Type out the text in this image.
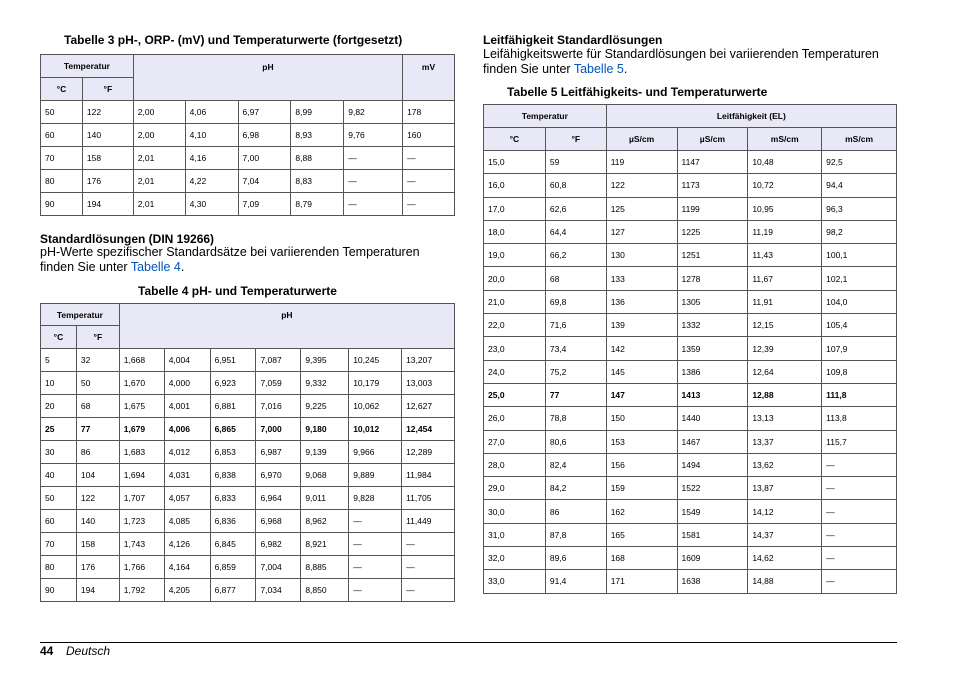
Tabelle 3 pH-, ORP- (mV) und Temperaturwerte (fortgesetzt)
Temperatur		pH					mV
°C	°F						
50	122	2,00	4,06	6,97	8,99	9,82	178
60	140	2,00	4,10	6,98	8,93	9,76	160
70	158	2,01	4,16	7,00	8,88	—	—
80	176	2,01	4,22	7,04	8,83	—	—
90	194	2,01	4,30	7,09	8,79	—	—
Standardlösungen (DIN 19266)
pH-Werte spezifischer Standardsätze bei variierenden Temperaturen
finden Sie unter Tabelle 4.
Tabelle 4 pH- und Temperaturwerte
Temperatur		pH						
°C	°F							
5	32	1,668	4,004	6,951	7,087	9,395	10,245	13,207
10	50	1,670	4,000	6,923	7,059	9,332	10,179	13,003
20	68	1,675	4,001	6,881	7,016	9,225	10,062	12,627
25	77	1,679	4,006	6,865	7,000	9,180	10,012	12,454
30	86	1,683	4,012	6,853	6,987	9,139	9,966	12,289
40	104	1,694	4,031	6,838	6,970	9,068	9,889	11,984
50	122	1,707	4,057	6,833	6,964	9,011	9,828	11,705
60	140	1,723	4,085	6,836	6,968	8,962	—	11,449
70	158	1,743	4,126	6,845	6,982	8,921	—	—
80	176	1,766	4,164	6,859	7,004	8,885	—	—
90	194	1,792	4,205	6,877	7,034	8,850	—	—
Leitfähigkeit Standardlösungen
Leifähigkeitswerte für Standardlösungen bei variierenden Temperaturen
finden Sie unter Tabelle 5.
Tabelle 5 Leitfähigkeits- und Temperaturwerte
Temperatur		Leitfähigkeit (EL)			
°C	°F	µS/cm	µS/cm	mS/cm	mS/cm
15,0	59	119	1147	10,48	92,5
16,0	60,8	122	1173	10,72	94,4
17,0	62,6	125	1199	10,95	96,3
18,0	64,4	127	1225	11,19	98,2
19,0	66,2	130	1251	11,43	100,1
20,0	68	133	1278	11,67	102,1
21,0	69,8	136	1305	11,91	104,0
22,0	71,6	139	1332	12,15	105,4
23,0	73,4	142	1359	12,39	107,9
24,0	75,2	145	1386	12,64	109,8
25,0	77	147	1413	12,88	111,8
26,0	78,8	150	1440	13,13	113,8
27,0	80,6	153	1467	13,37	115,7
28,0	82,4	156	1494	13,62	—
29,0	84,2	159	1522	13,87	—
30,0	86	162	1549	14,12	—
31,0	87,8	165	1581	14,37	—
32,0	89,6	168	1609	14,62	—
33,0	91,4	171	1638	14,88	—
44 Deutsch
